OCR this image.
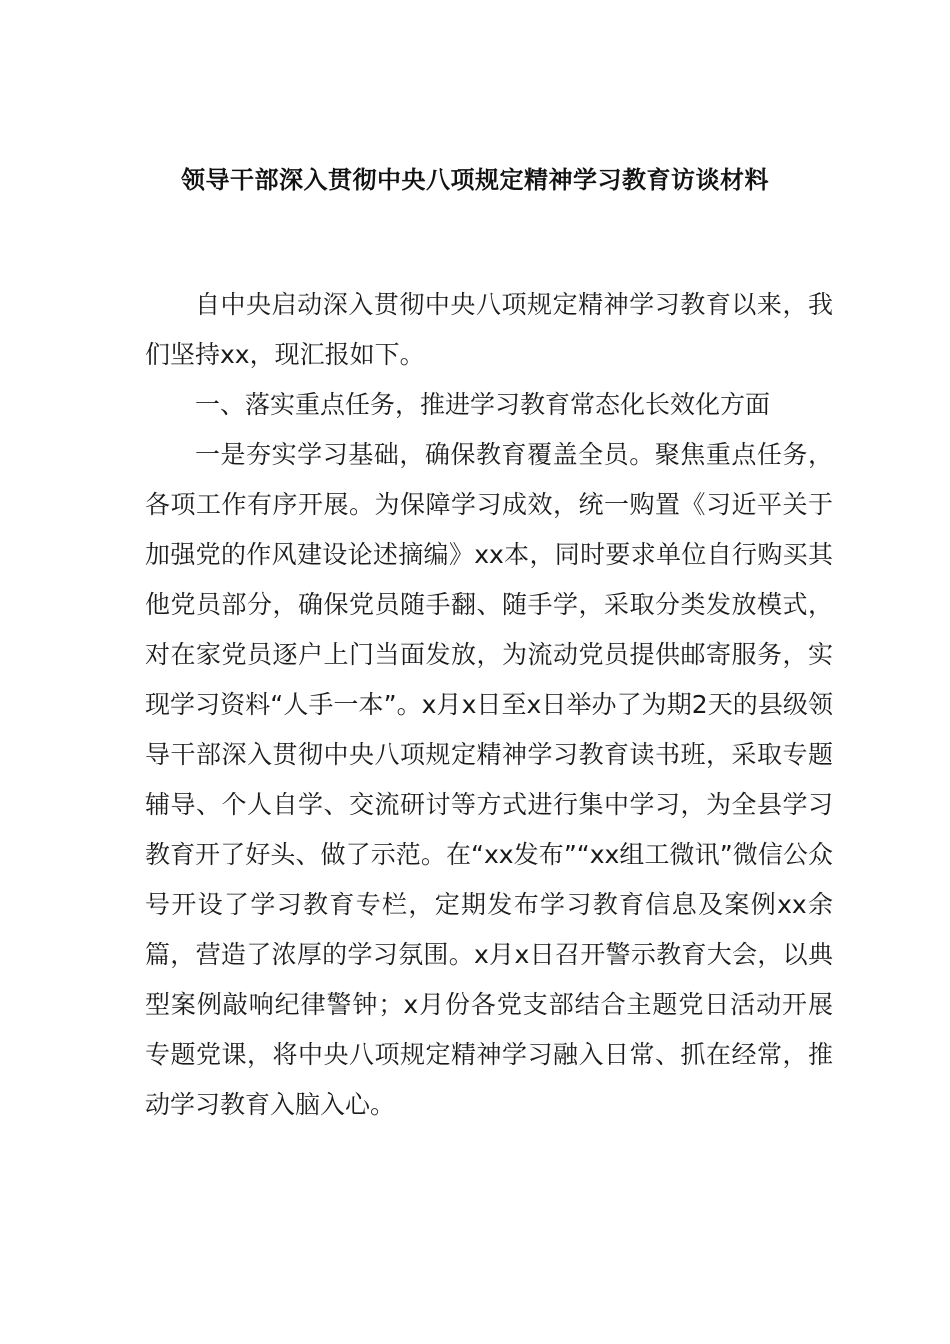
领导干部深入贯彻中央八项规定精神学习教育访谈材料

自中央启动深入贯彻中央八项规定精神学习教育以来，我们坚持xx，现汇报如下。

一、落实重点任务，推进学习教育常态化长效化方面

一是夯实学习基础，确保教育覆盖全员。聚焦重点任务，各项工作有序开展。为保障学习成效，统一购置《习近平关于加强党的作风建设论述摘编》xx本，同时要求单位自行购买其他党员部分，确保党员随手翻、随手学，采取分类发放模式，对在家党员逐户上门当面发放，为流动党员提供邮寄服务，实现学习资料“人手一本”。x月x日至x日举办了为期2天的县级领导干部深入贯彻中央八项规定精神学习教育读书班，采取专题辅导、个人自学、交流研讨等方式进行集中学习，为全县学习教育开了好头、做了示范。在“xx发布”“xx组工微讯”微信公众号开设了学习教育专栏，定期发布学习教育信息及案例xx余篇，营造了浓厚的学习氛围。x月x日召开警示教育大会，以典型案例敲响纪律警钟；x月份各党支部结合主题党日活动开展专题党课，将中央八项规定精神学习融入日常、抓在经常，推动学习教育入脑入心。
